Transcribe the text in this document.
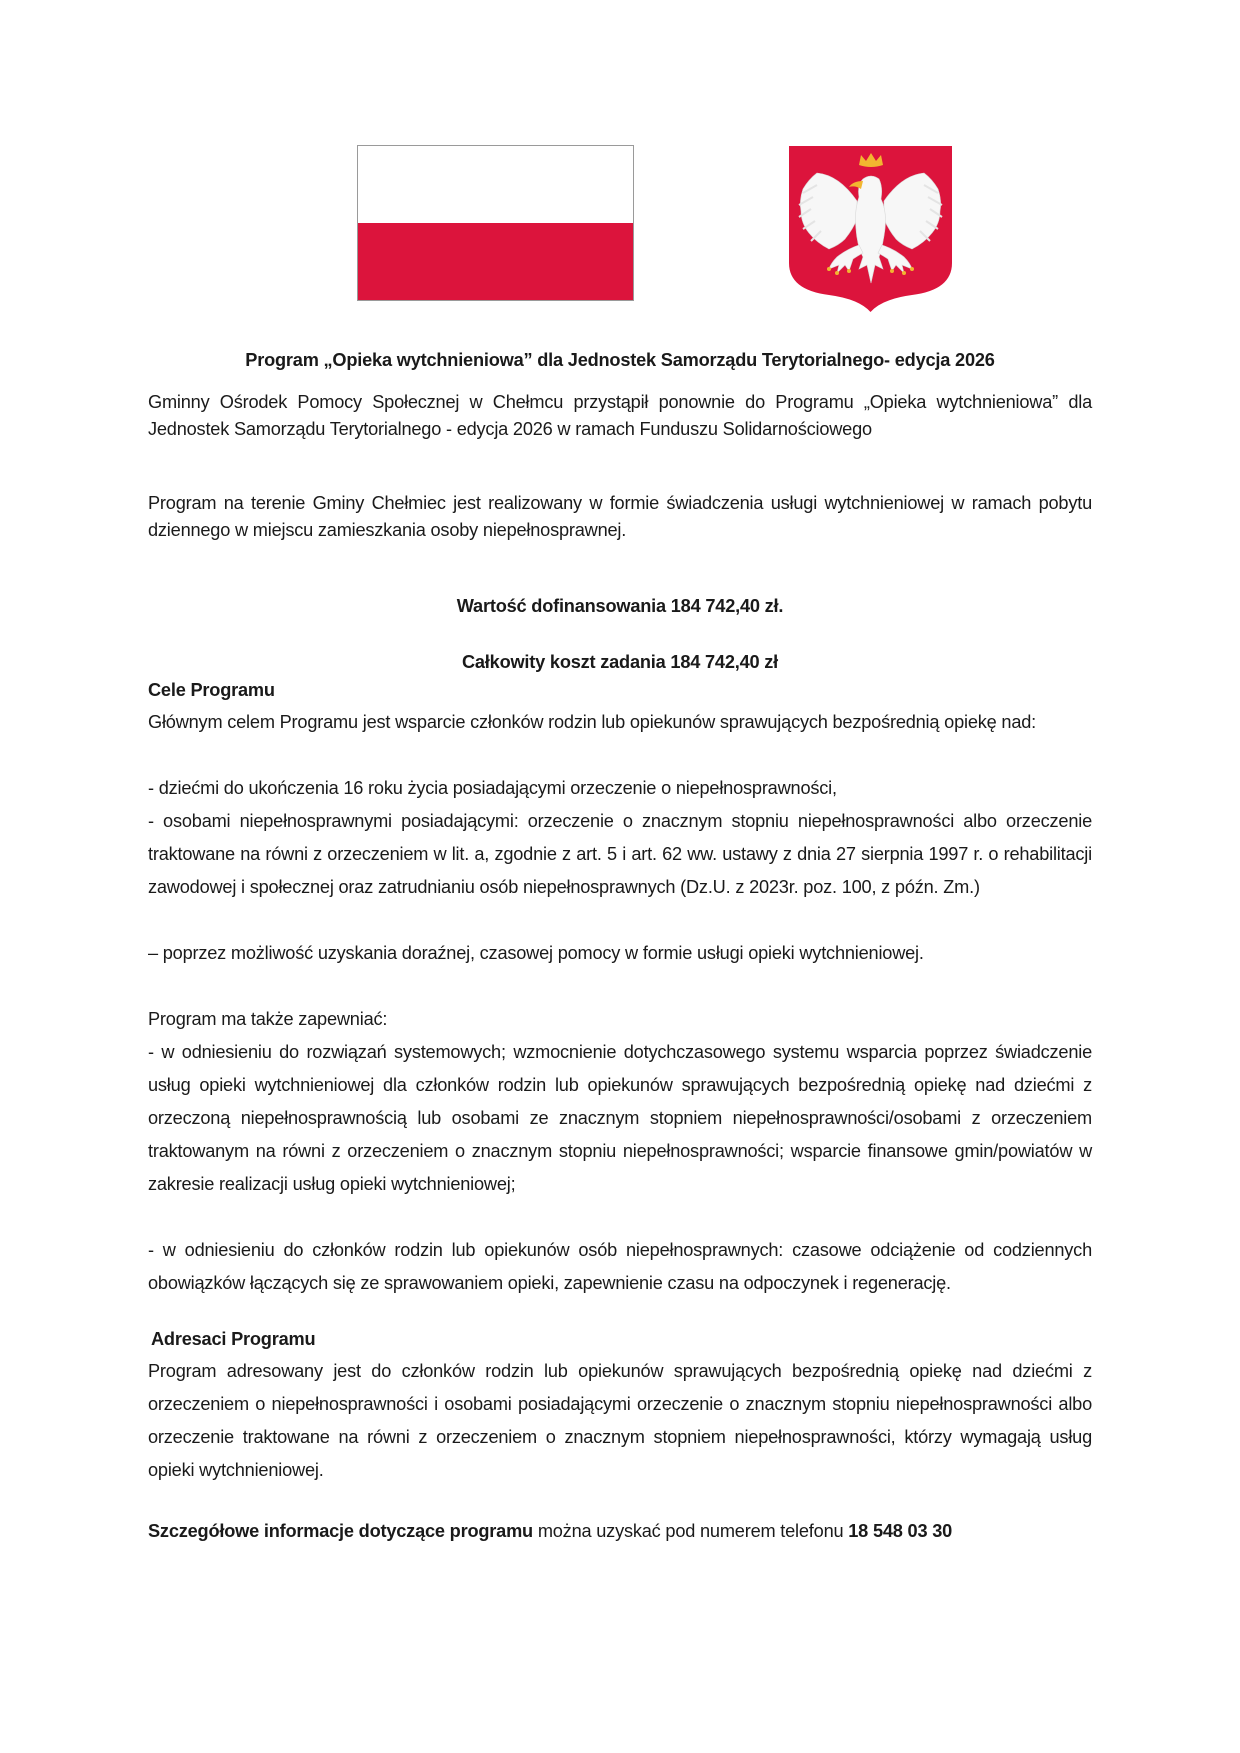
Program „Opieka wytchnieniowa” dla Jednostek Samorządu Terytorialnego- edycja 2026
Gminny Ośrodek Pomocy Społecznej w Chełmcu przystąpił ponownie do Programu „Opieka wytchnieniowa” dla Jednostek Samorządu Terytorialnego - edycja 2026 w ramach Funduszu Solidarnościowego
Program na terenie Gminy Chełmiec jest realizowany w formie świadczenia usługi wytchnieniowej w ramach pobytu dziennego w miejscu zamieszkania osoby niepełnosprawnej.
Wartość dofinansowania 184 742,40 zł.
Całkowity koszt zadania 184 742,40 zł
Cele Programu
Głównym celem Programu jest wsparcie członków rodzin lub opiekunów sprawujących bezpośrednią opiekę nad:
- dziećmi do ukończenia 16 roku życia posiadającymi orzeczenie o niepełnosprawności,
- osobami niepełnosprawnymi posiadającymi: orzeczenie o znacznym stopniu niepełnosprawności albo orzeczenie traktowane na równi z orzeczeniem w lit. a, zgodnie z art. 5 i art. 62 ww. ustawy z dnia 27 sierpnia 1997 r. o rehabilitacji zawodowej i społecznej oraz zatrudnianiu osób niepełnosprawnych (Dz.U. z 2023r. poz. 100, z późn. Zm.)
– poprzez możliwość uzyskania doraźnej, czasowej pomocy w formie usługi opieki wytchnieniowej.
Program ma także zapewniać:
- w odniesieniu do rozwiązań systemowych; wzmocnienie dotychczasowego systemu wsparcia poprzez świadczenie usług opieki wytchnieniowej dla członków rodzin lub opiekunów sprawujących bezpośrednią opiekę nad dziećmi z orzeczoną niepełnosprawnością lub osobami ze znacznym stopniem niepełnosprawności/osobami z orzeczeniem traktowanym na równi z orzeczeniem o znacznym stopniu niepełnosprawności; wsparcie finansowe gmin/powiatów w zakresie realizacji usług opieki wytchnieniowej;
- w odniesieniu do członków rodzin lub opiekunów osób niepełnosprawnych: czasowe odciążenie od codziennych obowiązków łączących się ze sprawowaniem opieki, zapewnienie czasu na odpoczynek i regenerację.
Adresaci Programu
Program adresowany jest do członków rodzin lub opiekunów sprawujących bezpośrednią opiekę nad dziećmi z orzeczeniem o niepełnosprawności i osobami posiadającymi orzeczenie o znacznym stopniu niepełnosprawności albo orzeczenie traktowane na równi z orzeczeniem o znacznym stopniem niepełnosprawności, którzy wymagają usług opieki wytchnieniowej.
Szczegółowe informacje dotyczące programu można uzyskać pod numerem telefonu 18 548 03 30
